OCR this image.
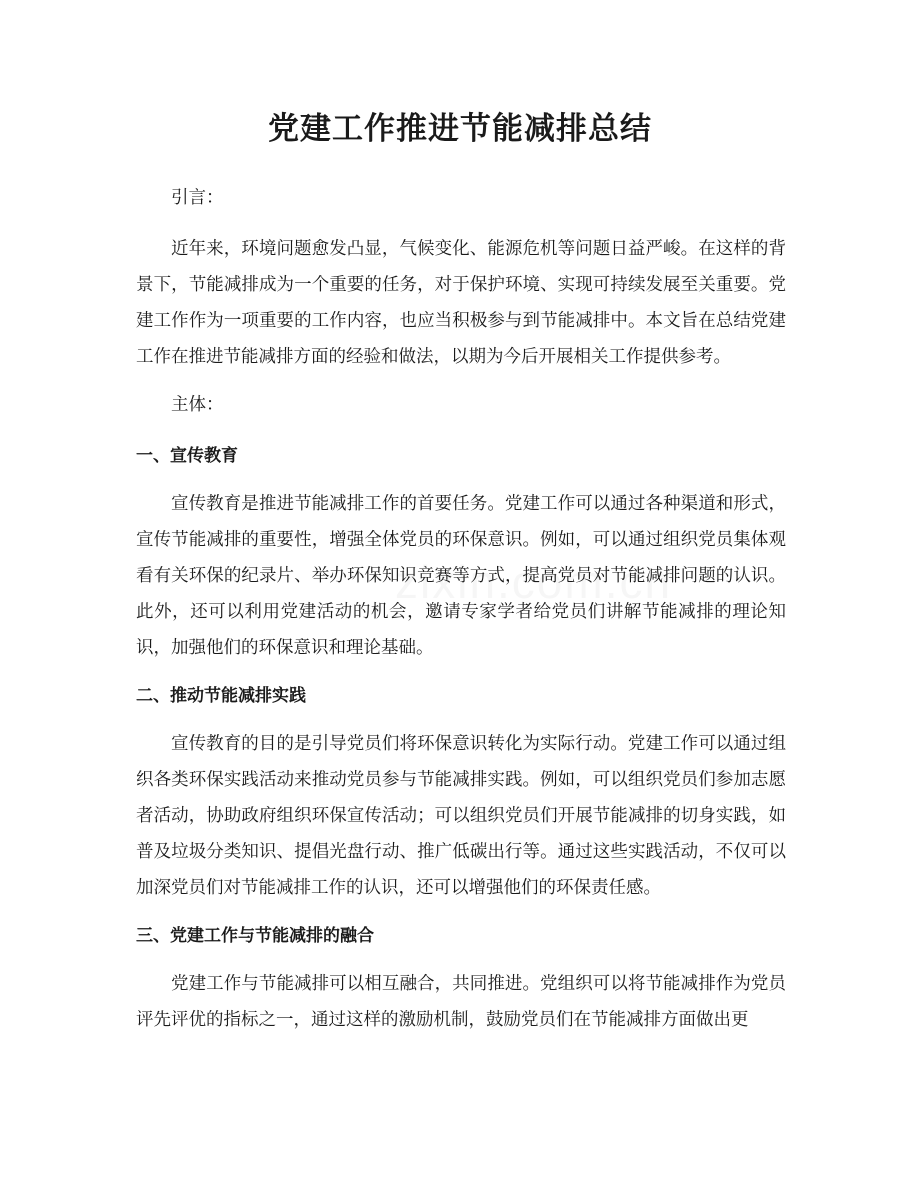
党建工作推进节能减排总结

引言：

近年来，环境问题愈发凸显，气候变化、能源危机等问题日益严峻。在这样的背景下，节能减排成为一个重要的任务，对于保护环境、实现可持续发展至关重要。党建工作作为一项重要的工作内容，也应当积极参与到节能减排中。本文旨在总结党建工作在推进节能减排方面的经验和做法，以期为今后开展相关工作提供参考。

主体：

一、宣传教育

宣传教育是推进节能减排工作的首要任务。党建工作可以通过各种渠道和形式，宣传节能减排的重要性，增强全体党员的环保意识。例如，可以通过组织党员集体观看有关环保的纪录片、举办环保知识竞赛等方式，提高党员对节能减排问题的认识。此外，还可以利用党建活动的机会，邀请专家学者给党员们讲解节能减排的理论知识，加强他们的环保意识和理论基础。

二、推动节能减排实践

宣传教育的目的是引导党员们将环保意识转化为实际行动。党建工作可以通过组织各类环保实践活动来推动党员参与节能减排实践。例如，可以组织党员们参加志愿者活动，协助政府组织环保宣传活动；可以组织党员们开展节能减排的切身实践，如普及垃圾分类知识、提倡光盘行动、推广低碳出行等。通过这些实践活动，不仅可以加深党员们对节能减排工作的认识，还可以增强他们的环保责任感。

三、党建工作与节能减排的融合

党建工作与节能减排可以相互融合，共同推进。党组织可以将节能减排作为党员评先评优的指标之一，通过这样的激励机制，鼓励党员们在节能减排方面做出更
